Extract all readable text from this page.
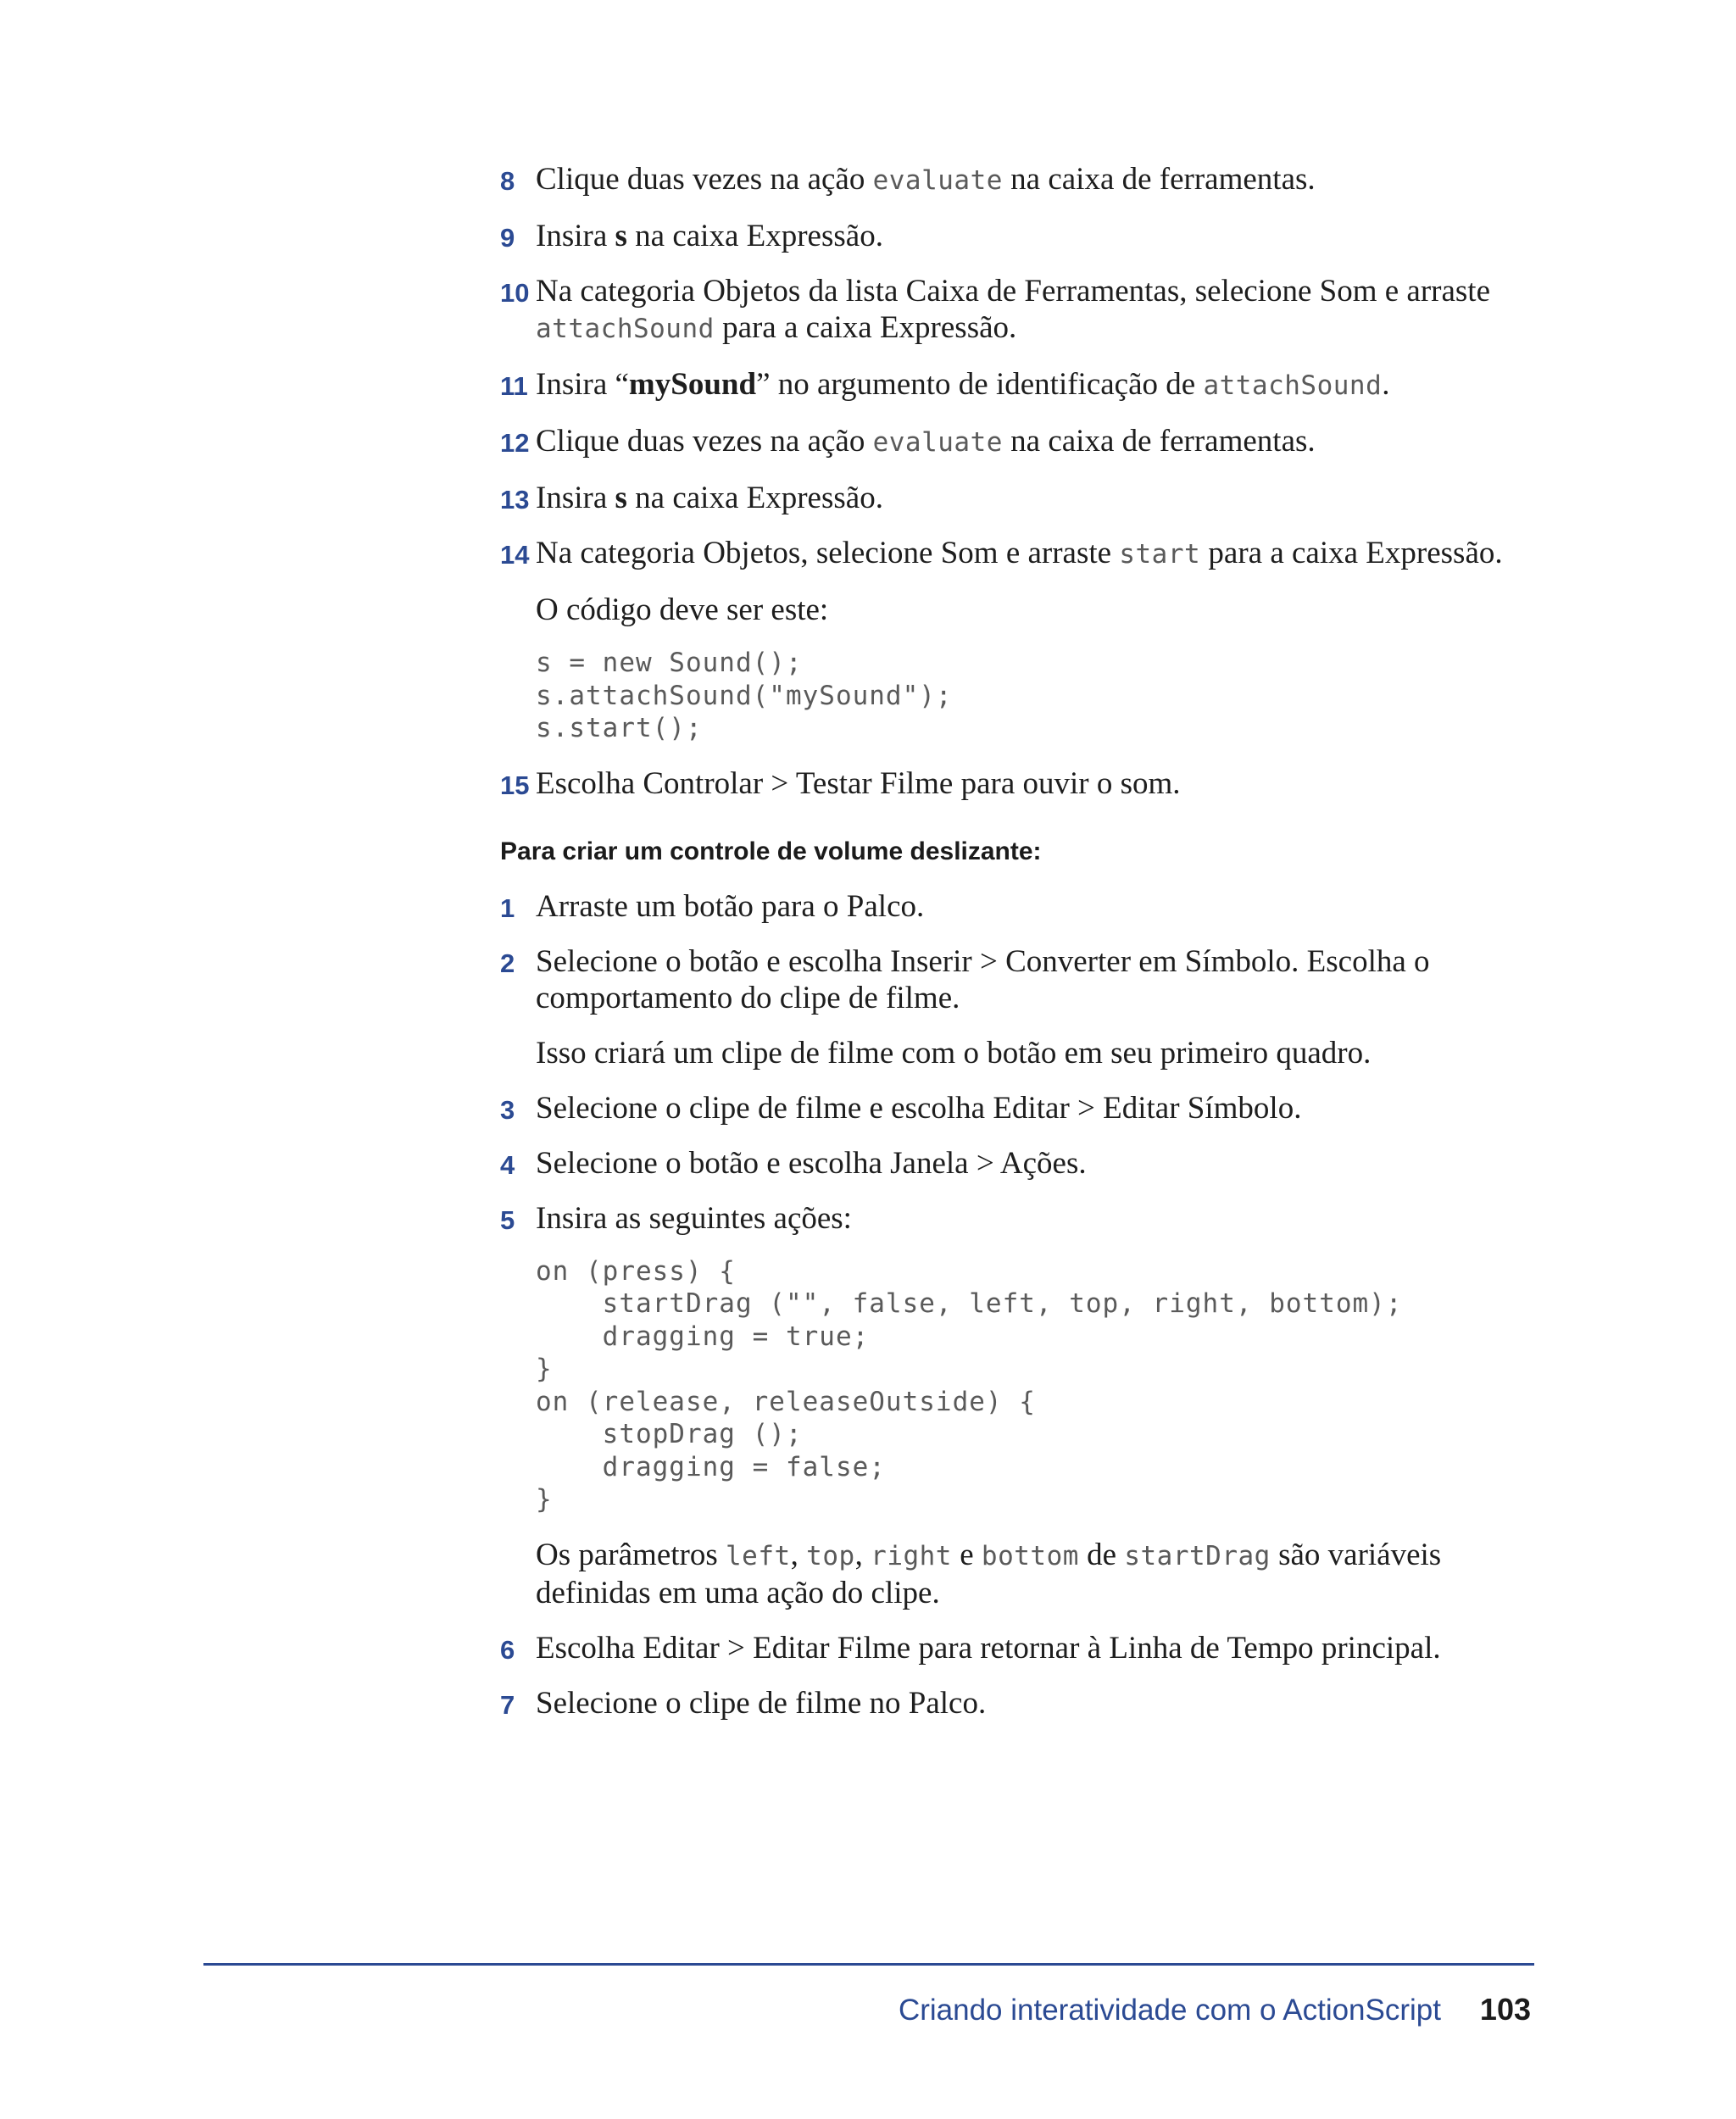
8 Clique duas vezes na ação evaluate na caixa de ferramentas.
9 Insira s na caixa Expressão.
10 Na categoria Objetos da lista Caixa de Ferramentas, selecione Som e arraste attachSound para a caixa Expressão.
11 Insira “mySound” no argumento de identificação de attachSound.
12 Clique duas vezes na ação evaluate na caixa de ferramentas.
13 Insira s na caixa Expressão.
14 Na categoria Objetos, selecione Som e arraste start para a caixa Expressão.
O código deve ser este:
s = new Sound();
s.attachSound("mySound");
s.start();
15 Escolha Controlar > Testar Filme para ouvir o som.
Para criar um controle de volume deslizante:
1 Arraste um botão para o Palco.
2 Selecione o botão e escolha Inserir > Converter em Símbolo. Escolha o comportamento do clipe de filme.
Isso criará um clipe de filme com o botão em seu primeiro quadro.
3 Selecione o clipe de filme e escolha Editar > Editar Símbolo.
4 Selecione o botão e escolha Janela > Ações.
5 Insira as seguintes ações:
on (press) {
startDrag ("", false, left, top, right, bottom);
dragging = true;
}
on (release, releaseOutside) {
stopDrag ();
dragging = false;
}
Os parâmetros left, top, right e bottom de startDrag são variáveis definidas em uma ação do clipe.
6 Escolha Editar > Editar Filme para retornar à Linha de Tempo principal.
7 Selecione o clipe de filme no Palco.
Criando interatividade com o ActionScript 103
